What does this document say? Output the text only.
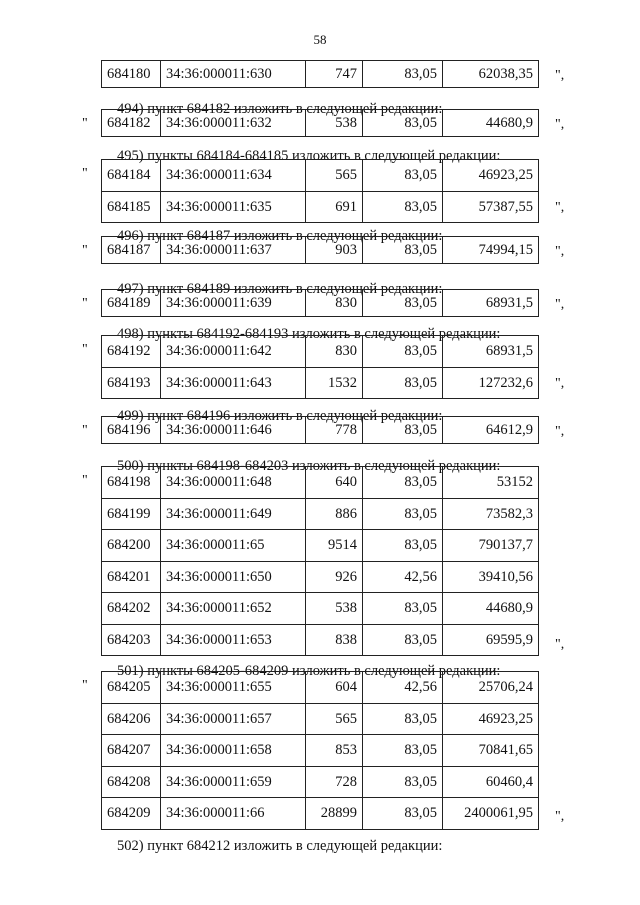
58
684180	34:36:000011:630	747	83,05	62038,35 ",
494) пункт 684182 изложить в следующей редакции:
684182	34:36:000011:632	538	83,05	44680,9
"	",
495) пункты 684184-684185 изложить в следующей редакции:
684184	34:36:000011:634	565	83,05	46923,25
684185	34:36:000011:635	691	83,05	57387,55
"
",
496) пункт 684187 изложить в следующей редакции:
684187	34:36:000011:637	903	83,05	74994,15
"	",
497) пункт 684189 изложить в следующей редакции:
684189	34:36:000011:639	830	83,05	68931,5
"	",
498) пункты 684192-684193 изложить в следующей редакции:
684192	34:36:000011:642	830	83,05	68931,5
684193	34:36:000011:643	1532	83,05	127232,6
"
",
499) пункт 684196 изложить в следующей редакции:
684196	34:36:000011:646	778	83,05	64612,9
"	",
500) пункты 684198-684203 изложить в следующей редакции:
684198	34:36:000011:648	640	83,05	53152
684199	34:36:000011:649	886	83,05	73582,3
684200	34:36:000011:65	9514	83,05	790137,7
684201	34:36:000011:650	926	42,56	39410,56
684202	34:36:000011:652	538	83,05	44680,9
684203	34:36:000011:653	838	83,05	69595,9
"
",
501) пункты 684205-684209 изложить в следующей редакции:
684205	34:36:000011:655	604	42,56	25706,24
684206	34:36:000011:657	565	83,05	46923,25
684207	34:36:000011:658	853	83,05	70841,65
684208	34:36:000011:659	728	83,05	60460,4
684209	34:36:000011:66	28899	83,05	2400061,95
"
",
502) пункт 684212 изложить в следующей редакции:
